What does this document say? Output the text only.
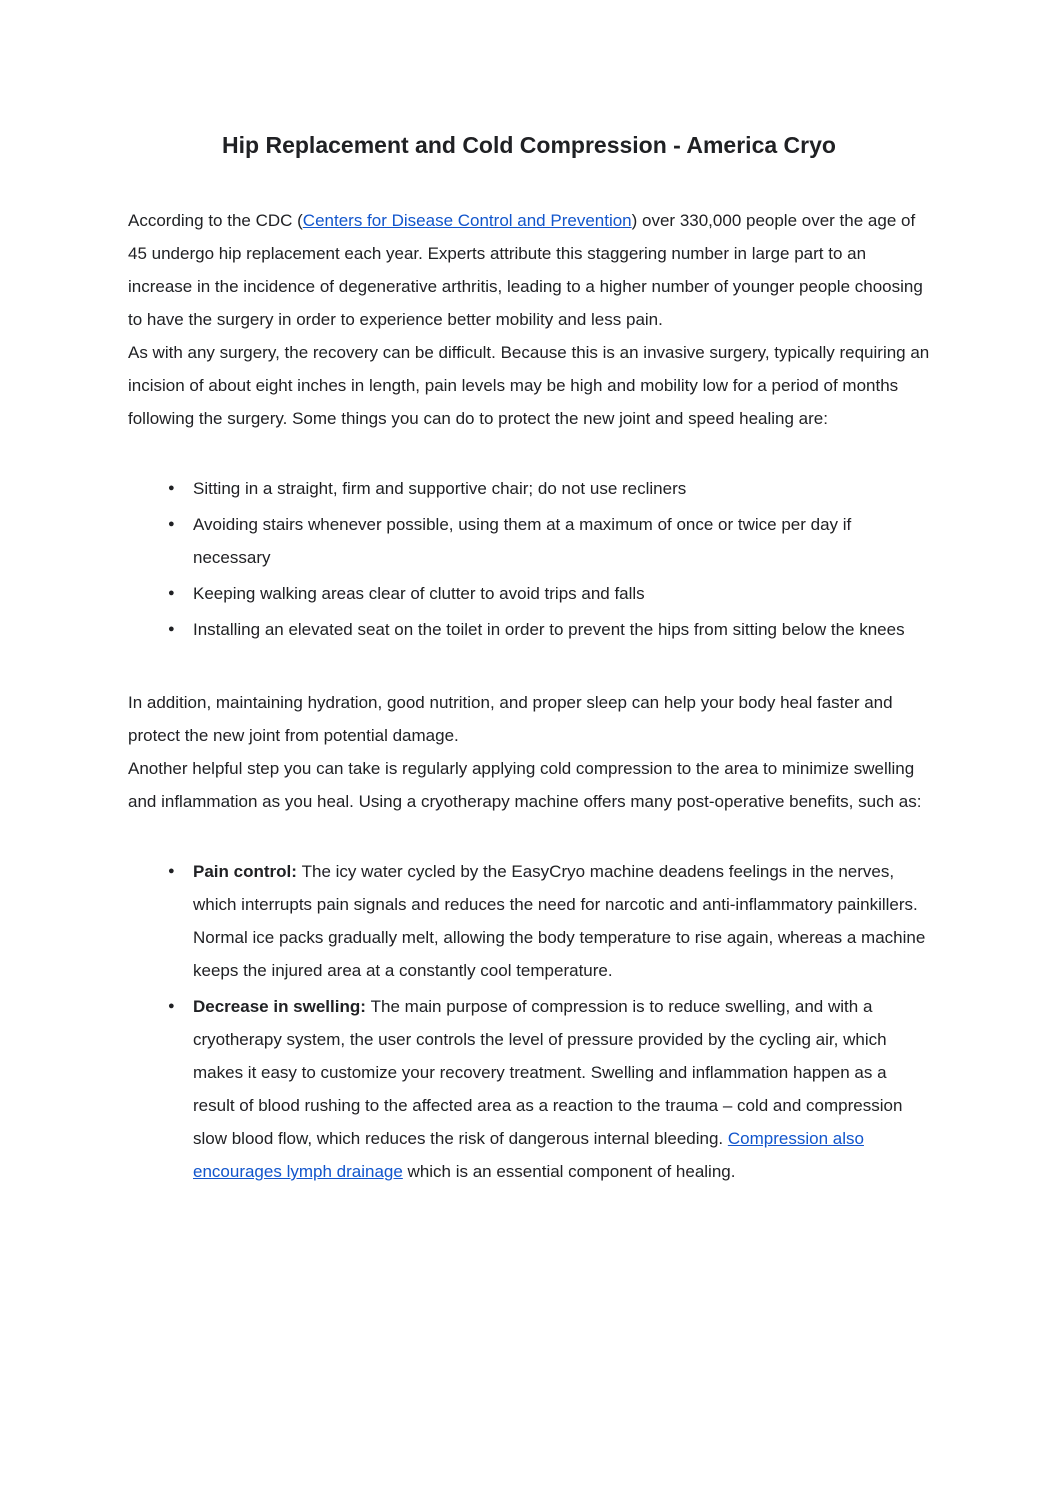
Hip Replacement and Cold Compression - America Cryo

According to the CDC (Centers for Disease Control and Prevention) over 330,000 people over the age of 45 undergo hip replacement each year. Experts attribute this staggering number in large part to an increase in the incidence of degenerative arthritis, leading to a higher number of younger people choosing to have the surgery in order to experience better mobility and less pain.

As with any surgery, the recovery can be difficult. Because this is an invasive surgery, typically requiring an incision of about eight inches in length, pain levels may be high and mobility low for a period of months following the surgery. Some things you can do to protect the new joint and speed healing are:

●	Sitting in a straight, firm and supportive chair; do not use recliners
●	Avoiding stairs whenever possible, using them at a maximum of once or twice per day if necessary
●	Keeping walking areas clear of clutter to avoid trips and falls
●	Installing an elevated seat on the toilet in order to prevent the hips from sitting below the knees

In addition, maintaining hydration, good nutrition, and proper sleep can help your body heal faster and protect the new joint from potential damage.

Another helpful step you can take is regularly applying cold compression to the area to minimize swelling and inflammation as you heal. Using a cryotherapy machine offers many post-operative benefits, such as:

●	Pain control: The icy water cycled by the EasyCryo machine deadens feelings in the nerves, which interrupts pain signals and reduces the need for narcotic and anti-inflammatory painkillers. Normal ice packs gradually melt, allowing the body temperature to rise again, whereas a machine keeps the injured area at a constantly cool temperature.
●	Decrease in swelling: The main purpose of compression is to reduce swelling, and with a cryotherapy system, the user controls the level of pressure provided by the cycling air, which makes it easy to customize your recovery treatment. Swelling and inflammation happen as a result of blood rushing to the affected area as a reaction to the trauma – cold and compression slow blood flow, which reduces the risk of dangerous internal bleeding. Compression also encourages lymph drainage which is an essential component of healing.
